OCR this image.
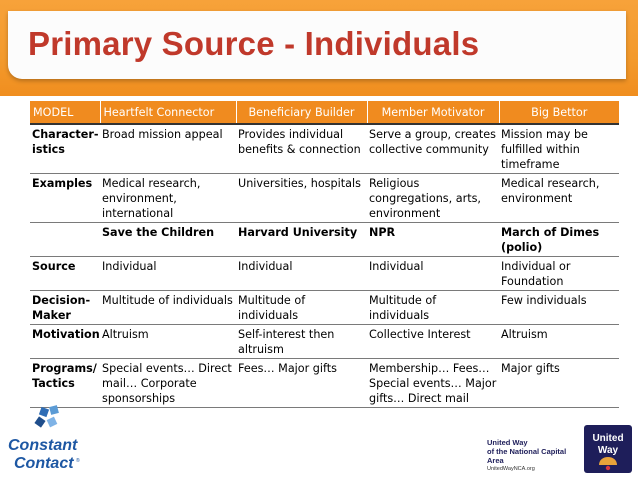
Primary Source - Individuals
MODEL	Heartfelt Connector	Beneficiary Builder	Member Motivator	Big Bettor
Character-istics	Broad mission appeal	Provides individual benefits & connection	Serve a group, creates collective community	Mission may be fulfilled within timeframe
Examples	Medical research, environment, international	Universities, hospitals	Religious congregations, arts, environment	Medical research, environment
	Save the Children	Harvard University	NPR	March of Dimes (polio)
Source	Individual	Individual	Individual	Individual or Foundation
Decision-Maker	Multitude of individuals	Multitude of individuals	Multitude of individuals	Few individuals
Motivation	Altruism	Self-interest then altruism	Collective Interest	Altruism
Programs/ Tactics	Special events… Direct mail… Corporate sponsorships	Fees… Major gifts	Membership… Fees… Special events… Major gifts… Direct mail	Major gifts
Constant
Contact ®
United Way
of the National Capital Area
UnitedWayNCA.org
United
Way
